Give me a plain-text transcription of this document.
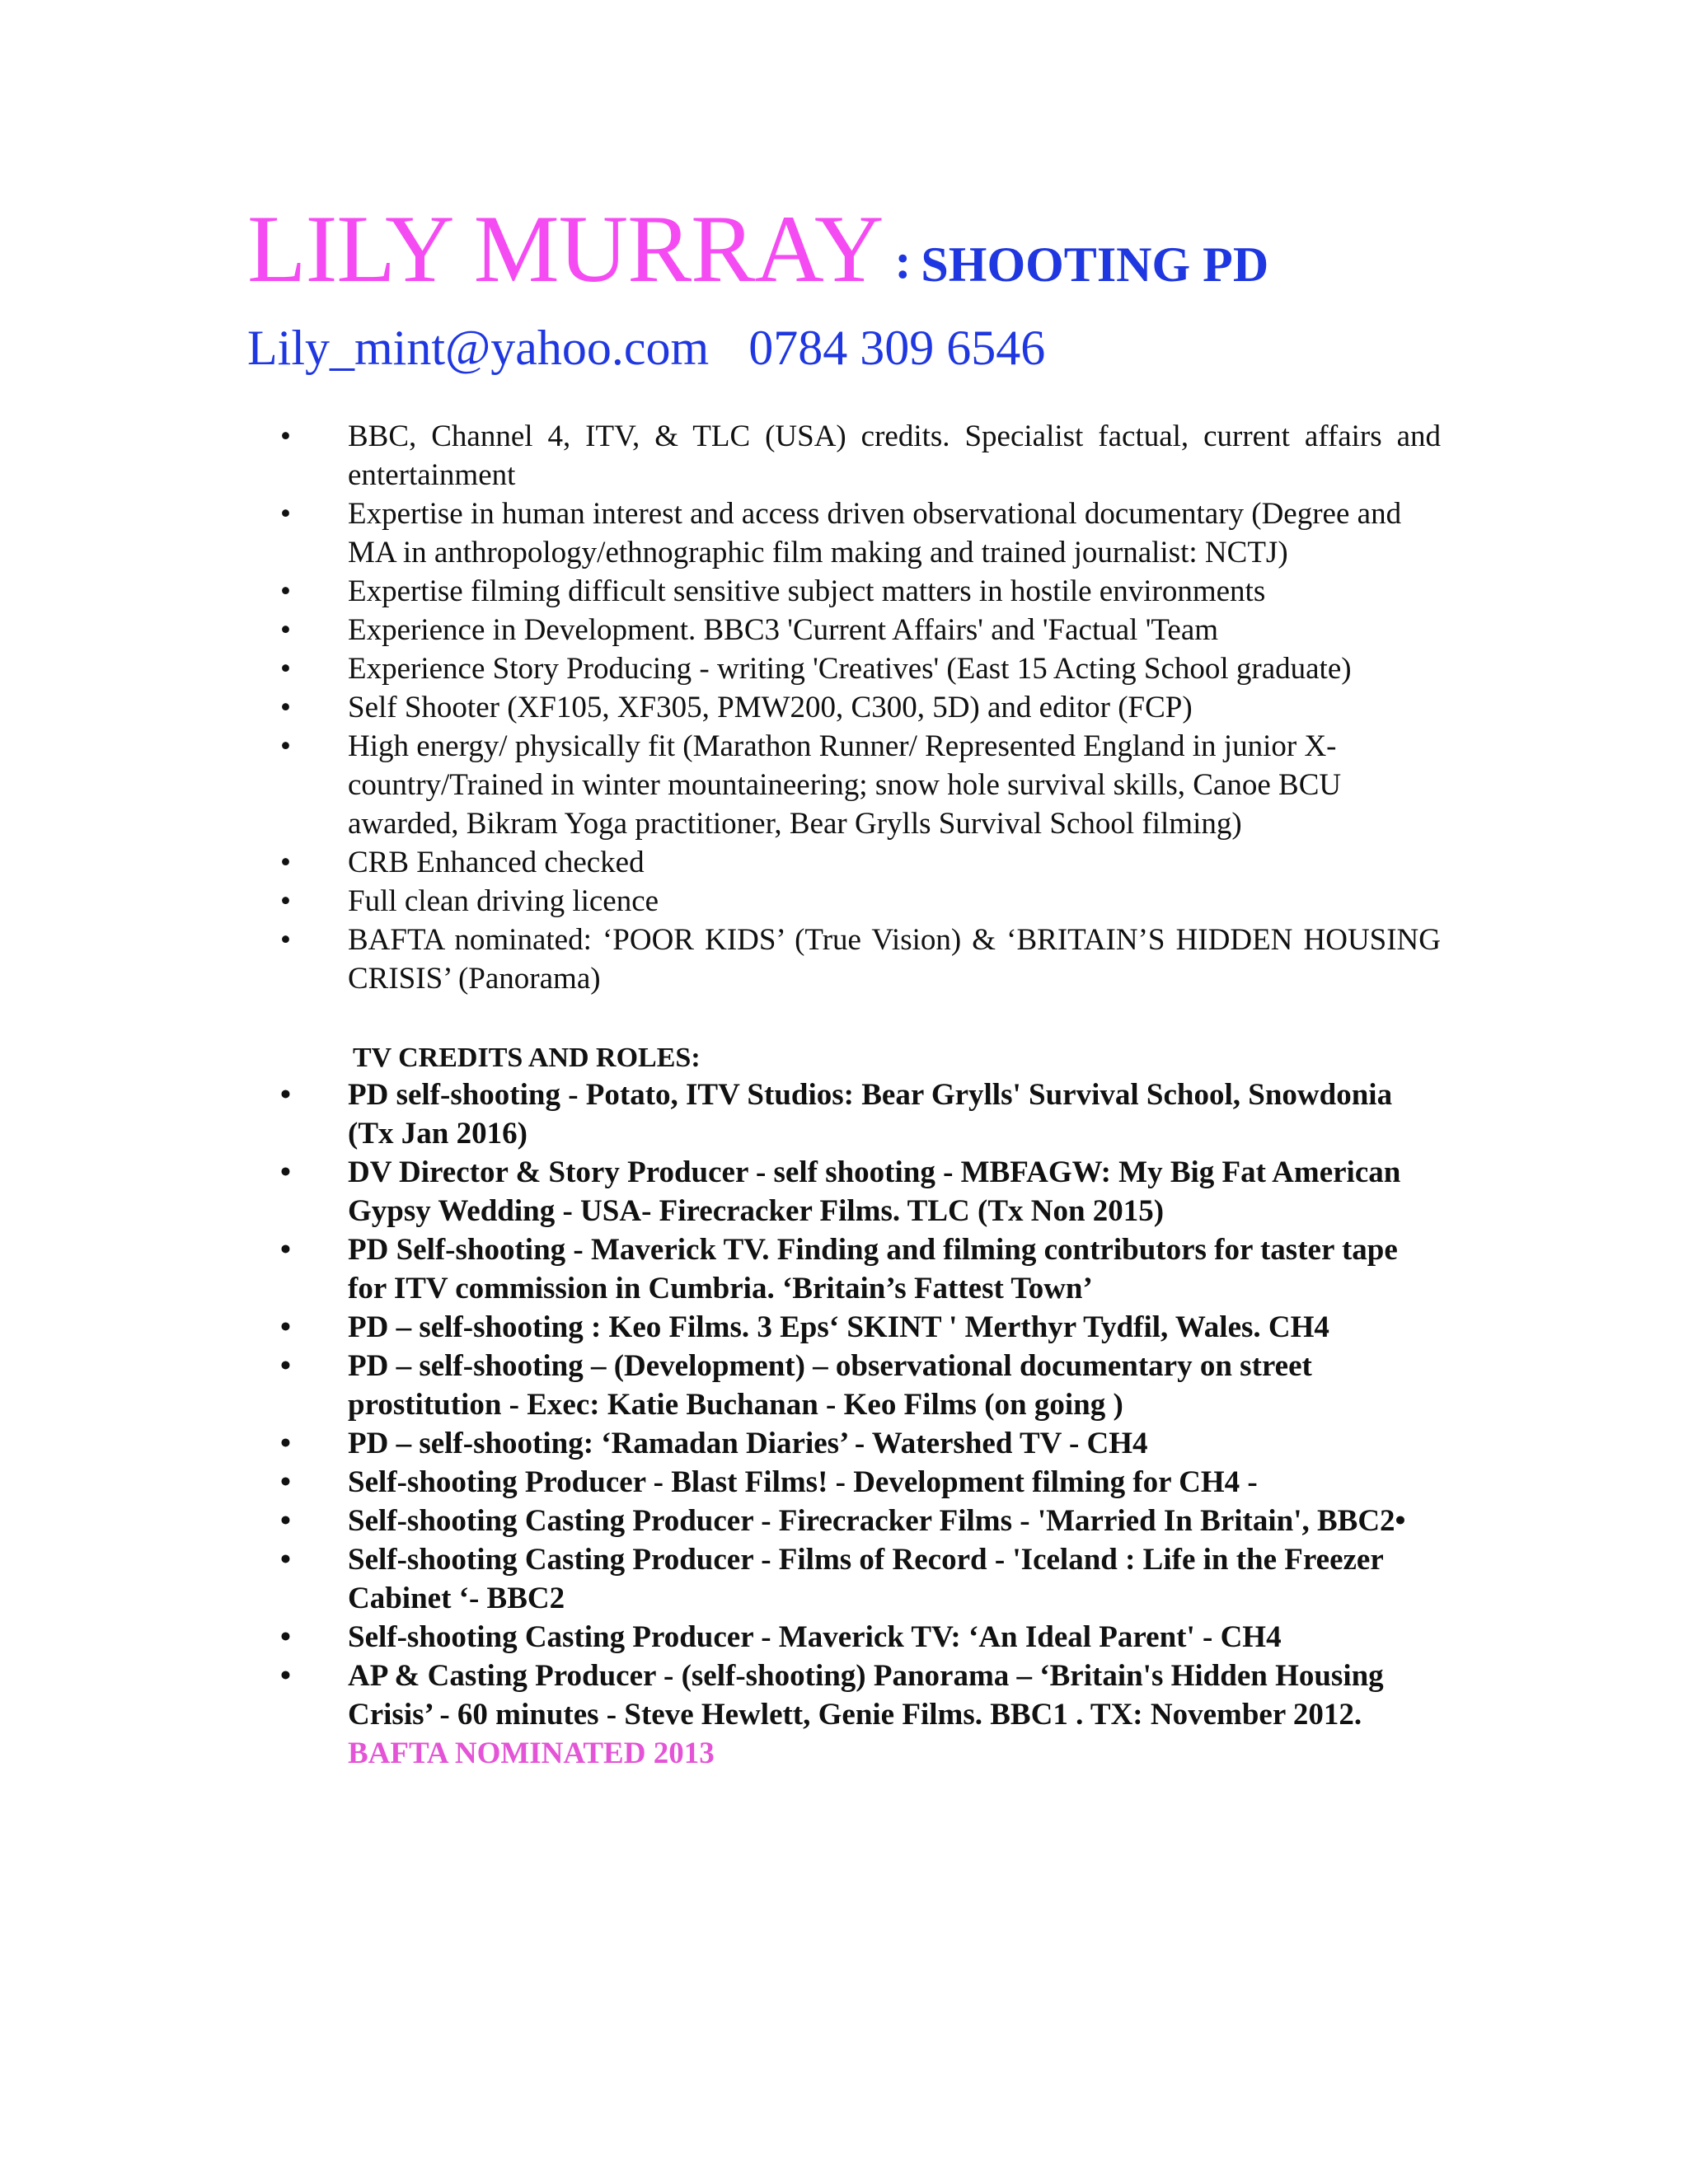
LILY MURRAY : SHOOTING PD
Lily_mint@yahoo.com 0784 309 6546
•	BBC, Channel 4, ITV, & TLC (USA) credits. Specialist factual, current affairs and entertainment
•	Expertise in human interest and access driven observational documentary (Degree and MA in anthropology/ethnographic film making and trained journalist: NCTJ)
•	Expertise filming difficult sensitive subject matters in hostile environments
•	Experience in Development. BBC3 'Current Affairs' and 'Factual 'Team
•	Experience Story Producing - writing 'Creatives' (East 15 Acting School graduate)
•	Self Shooter (XF105, XF305, PMW200, C300, 5D) and editor (FCP)
•	High energy/ physically fit (Marathon Runner/ Represented England in junior X-country/Trained in winter mountaineering; snow hole survival skills, Canoe BCU awarded, Bikram Yoga practitioner, Bear Grylls Survival School filming)
•	CRB Enhanced checked
•	Full clean driving licence
•	BAFTA nominated: ‘POOR KIDS’ (True Vision) & ‘BRITAIN’S HIDDEN HOUSING CRISIS’ (Panorama)
TV CREDITS AND ROLES:
•	PD self-shooting - Potato, ITV Studios: Bear Grylls' Survival School, Snowdonia (Tx Jan 2016)
•	DV Director & Story Producer - self shooting - MBFAGW: My Big Fat American Gypsy Wedding - USA- Firecracker Films. TLC (Tx Non 2015)
•	PD Self-shooting - Maverick TV. Finding and filming contributors for taster tape for ITV commission in Cumbria. ‘Britain’s Fattest Town’
•	PD – self-shooting : Keo Films. 3 Eps‘ SKINT ' Merthyr Tydfil, Wales. CH4
•	PD – self-shooting – (Development) – observational documentary on street prostitution - Exec: Katie Buchanan - Keo Films (on going )
•	PD – self-shooting: ‘Ramadan Diaries’ - Watershed TV - CH4
•	Self-shooting Producer - Blast Films! - Development filming for CH4 -
•	Self-shooting Casting Producer - Firecracker Films - 'Married In Britain', BBC2•
•	Self-shooting Casting Producer - Films of Record - 'Iceland : Life in the Freezer Cabinet ‘- BBC2
•	Self-shooting Casting Producer - Maverick TV: ‘An Ideal Parent' - CH4
•	AP & Casting Producer - (self-shooting) Panorama – ‘Britain's Hidden Housing Crisis’ - 60 minutes - Steve Hewlett, Genie Films. BBC1 . TX: November 2012. BAFTA NOMINATED 2013
